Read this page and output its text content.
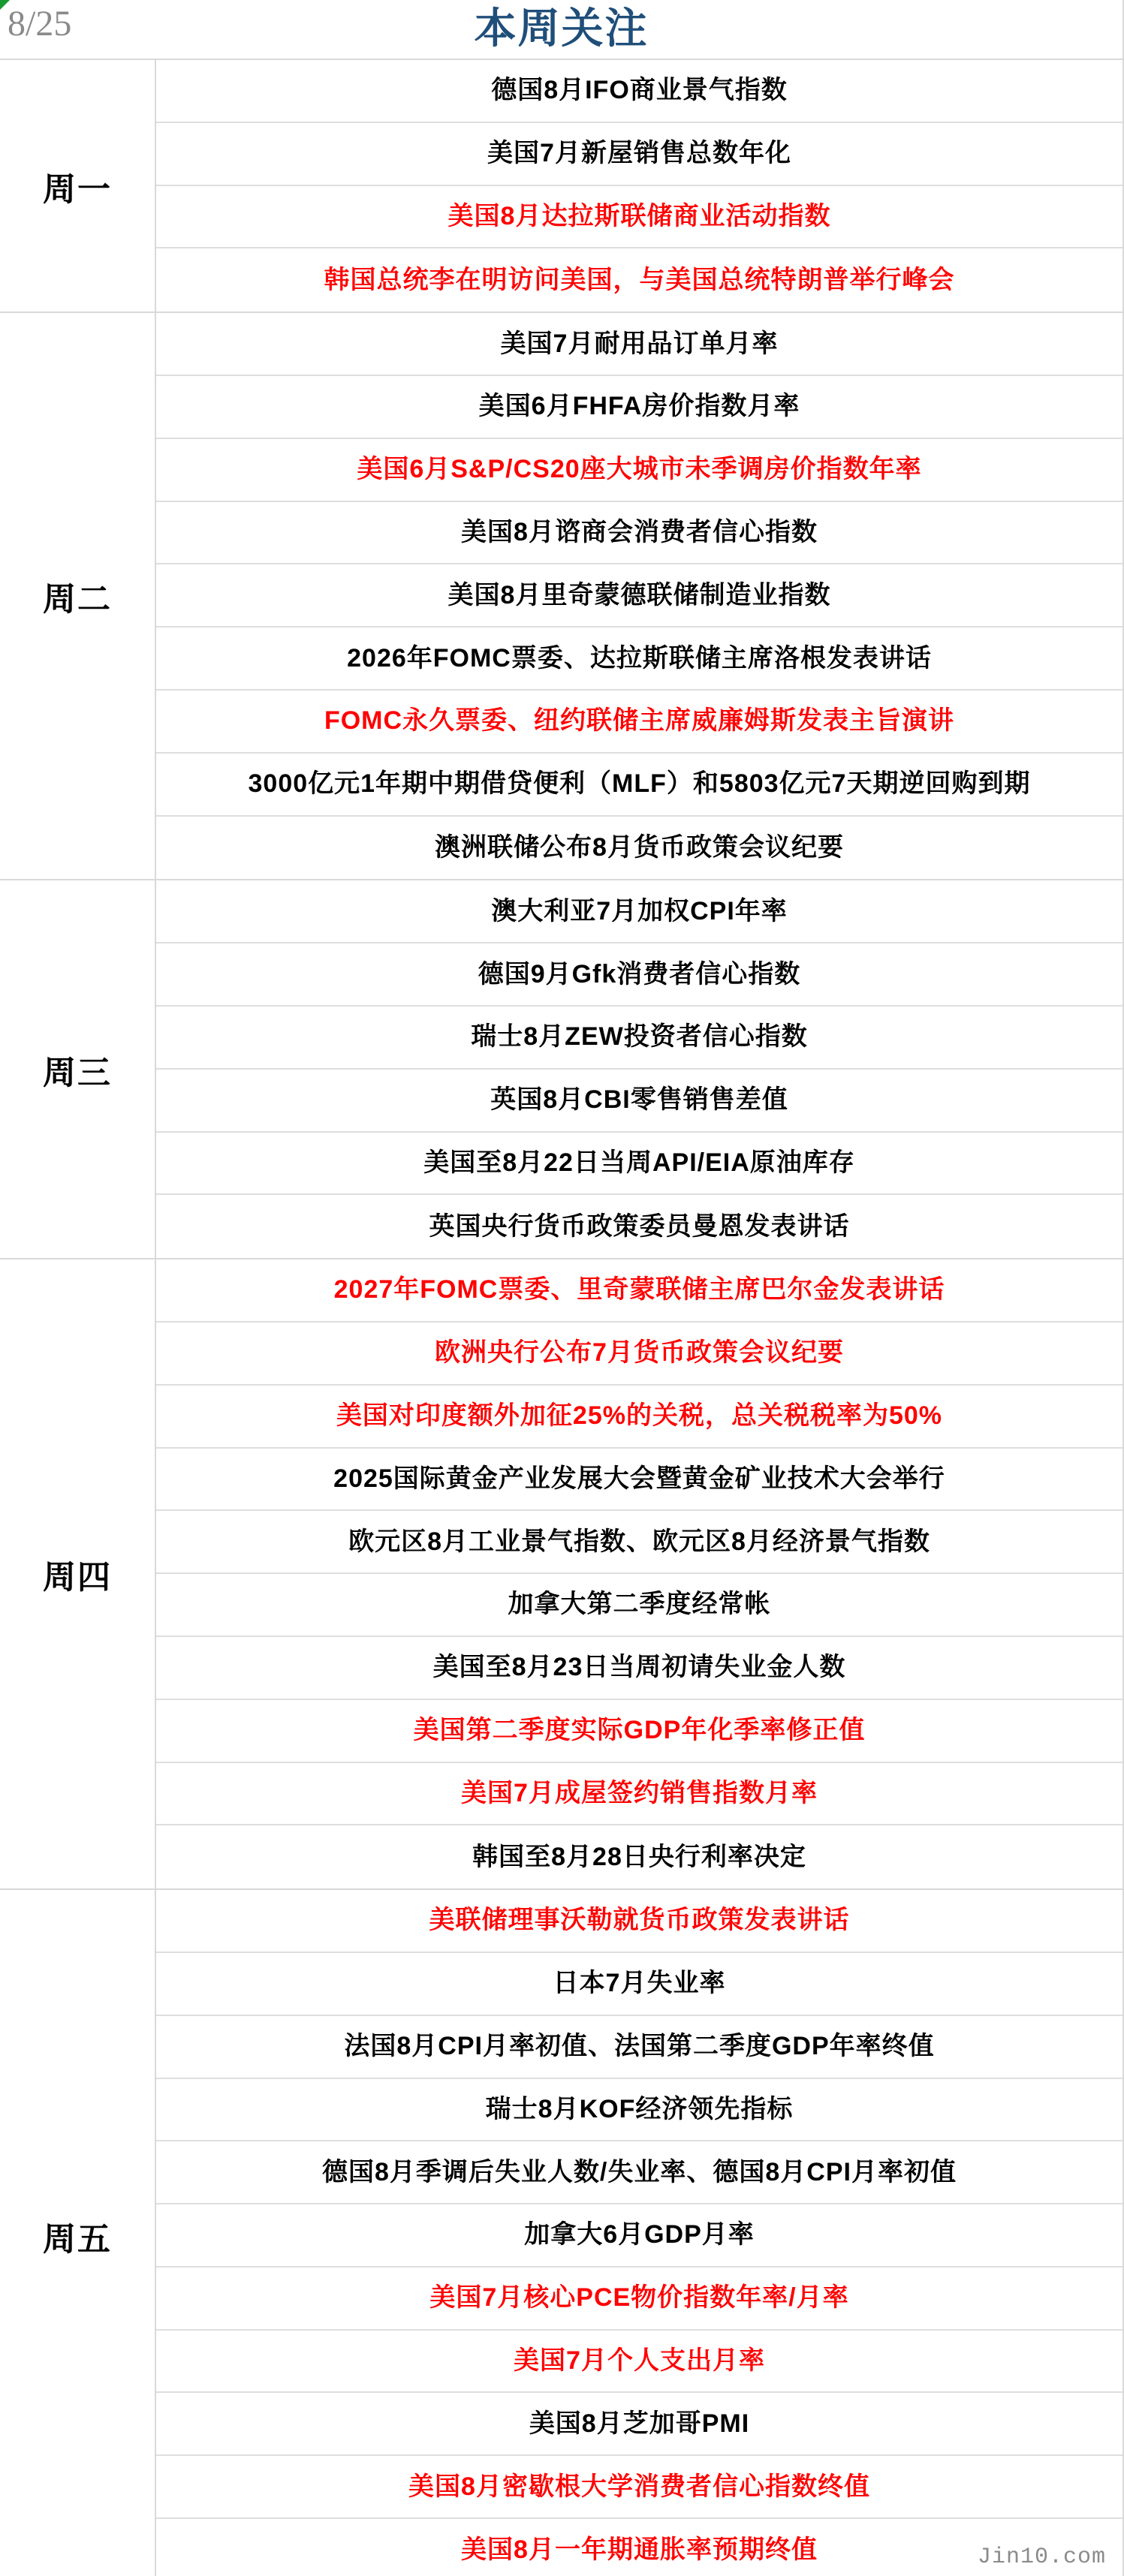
8/25	本周关注
周一
德国8月IFO商业景气指数
美国7月新屋销售总数年化
美国8月达拉斯联储商业活动指数
韩国总统李在明访问美国，与美国总统特朗普举行峰会
周二
美国7月耐用品订单月率
美国6月FHFA房价指数月率
美国6月S&P/CS20座大城市未季调房价指数年率
美国8月谘商会消费者信心指数
美国8月里奇蒙德联储制造业指数
2026年FOMC票委、达拉斯联储主席洛根发表讲话
FOMC永久票委、纽约联储主席威廉姆斯发表主旨演讲
3000亿元1年期中期借贷便利（MLF）和5803亿元7天期逆回购到期
澳洲联储公布8月货币政策会议纪要
周三
澳大利亚7月加权CPI年率
德国9月Gfk消费者信心指数
瑞士8月ZEW投资者信心指数
英国8月CBI零售销售差值
美国至8月22日当周API/EIA原油库存
英国央行货币政策委员曼恩发表讲话
周四
2027年FOMC票委、里奇蒙联储主席巴尔金发表讲话
欧洲央行公布7月货币政策会议纪要
美国对印度额外加征25%的关税，总关税税率为50%
2025国际黄金产业发展大会暨黄金矿业技术大会举行
欧元区8月工业景气指数、欧元区8月经济景气指数
加拿大第二季度经常帐
美国至8月23日当周初请失业金人数
美国第二季度实际GDP年化季率修正值
美国7月成屋签约销售指数月率
韩国至8月28日央行利率决定
周五
美联储理事沃勒就货币政策发表讲话
日本7月失业率
法国8月CPI月率初值、法国第二季度GDP年率终值
瑞士8月KOF经济领先指标
德国8月季调后失业人数/失业率、德国8月CPI月率初值
加拿大6月GDP月率
美国7月核心PCE物价指数年率/月率
美国7月个人支出月率
美国8月芝加哥PMI
美国8月密歇根大学消费者信心指数终值
美国8月一年期通胀率预期终值	Jin10.com
